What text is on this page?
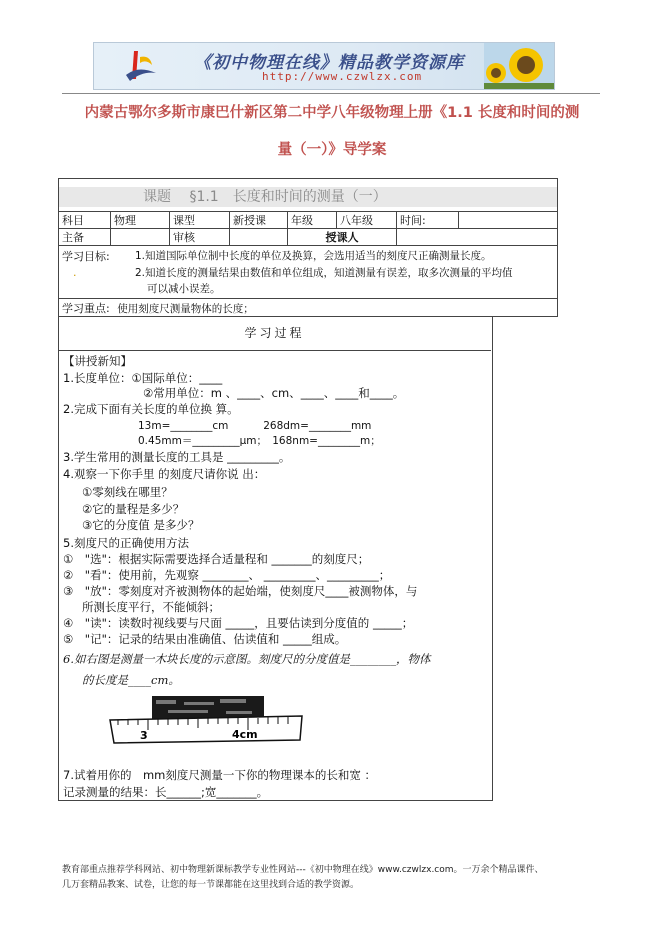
《初中物理在线》精品教学资源库
http://www.czwlzx.com
内蒙古鄂尔多斯市康巴什新区第二中学八年级物理上册《1.1 长度和时间的测
量（一）》导学案
课题　 §1.1　长度和时间的测量（一）							

科目	物理	课型	新授课	年级	八年级	时间:	
主备		审核		授课人			

学习目标: 1.知道国际单位制中长度的单位及换算，会选用适当的刻度尺正确测量长度。
. 2.知道长度的测量结果由数值和单位组成，知道测量有误差，取多次测量的平均值
可以减小误差。							

学习重点: 使用刻度尺测量物体的长度；							
学习过程
【讲授新知】
1.长度单位：①国际单位：____
②常用单位：m 、____、cm、____、____和____。
2.完成下面有关长度的单位换 算。
13m=________cm　　　 268dm=________mm
0.45mm＝_________μm；　168nm=________m；
3.学生常用的测量长度的工具是 _________。
4.观察一下你手里 的刻度尺请你说 出：
①零刻线在哪里？
②它的量程是多少？
③它的分度值 是多少？
5.刻度尺的正确使用方法
①　"选"：根据实际需要选择合适量程和 _______的刻度尺；
②　"看"：使用前，先观察 ________、 _________、_________；
③　"放"：零刻度对齐被测物体的起始端，使刻度尺____被测物体，与
所测长度平行，不能倾斜；
④　"读"：读数时视线要与尺面 _____，且要估读到分度值的 _____；
⑤　"记"：记录的结果由准确值、估读值和 _____组成。
6.如右图是测量一木块长度的示意图。刻度尺的分度值是________，物体
的长度是____cm。
3	4cm
7.试着用你的　mm刻度尺测量一下你的物理课本的长和宽 ：
记录测量的结果：长______;宽_______。
教育部重点推荐学科网站、初中物理新课标教学专业性网站---《初中物理在线》www.czwlzx.com。一万余个精品课件、
几万套精品教案、试卷，让您的每一节课都能在这里找到合适的教学资源。
